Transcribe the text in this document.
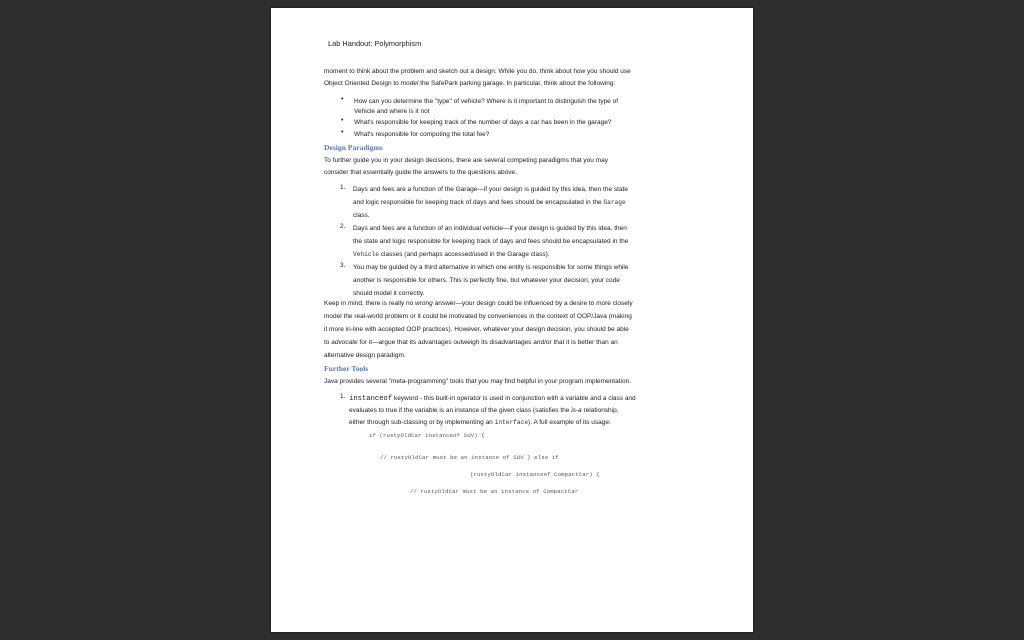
Lab Handout: Polymorphism
moment to think about the problem and sketch out a design. While you do, think about how you should use
Object Oriented Design to model the SafePark parking garage. In particular, think about the following:
• How can you determine the "type" of vehicle? Where is it important to distinguish the type of
Vehicle and where is it not
• What's responsible for keeping track of the number of days a car has been in the garage?
• What's responsible for computing the total fee?
Design Paradigms
To further guide you in your design decisions, there are several competing paradigms that you may
consider that essentially guide the answers to the questions above.
1. Days and fees are a function of the Garage—if your design is guided by this idea, then the state
and logic responsible for keeping track of days and fees should be encapsulated in the Garage
class.
2. Days and fees are a function of an individual vehicle—if your design is guided by this idea, then
the state and logic responsible for keeping track of days and fees should be encapsulated in the
Vehicle classes (and perhaps accessed/used in the Garage class).
3. You may be guided by a third alternative in which one entity is responsible for some things while
another is responsible for others. This is perfectly fine, but whatever your decision, your code
should model it correctly.
Keep in mind, there is really no wrong answer—your design could be influenced by a desire to more closely
model the real-world problem or it could be motivated by conveniences in the context of OOP/Java (making
it more in-line with accepted OOP practices). However, whatever your design decision, you should be able
to advocate for it—argue that its advantages outweigh its disadvantages and/or that it is better than an
alternative design paradigm.
Further Tools
Java provides several "meta-programming" tools that you may find helpful in your program implementation.
1. instanceof keyword - this built-in operator is used in conjunction with a variable and a class and
evaluates to true if the variable is an instance of the given class (satisfies the is-a relationship,
either through sub-classing or by implementing an interface). A full example of its usage:
if (rustyOldCar instanceof SUV) {
// rustyOldCar must be an instance of SUV } else if
(rustyOldCar instanceof CompactCar) {
// rustyOldCar must be an instance of CompactCar
